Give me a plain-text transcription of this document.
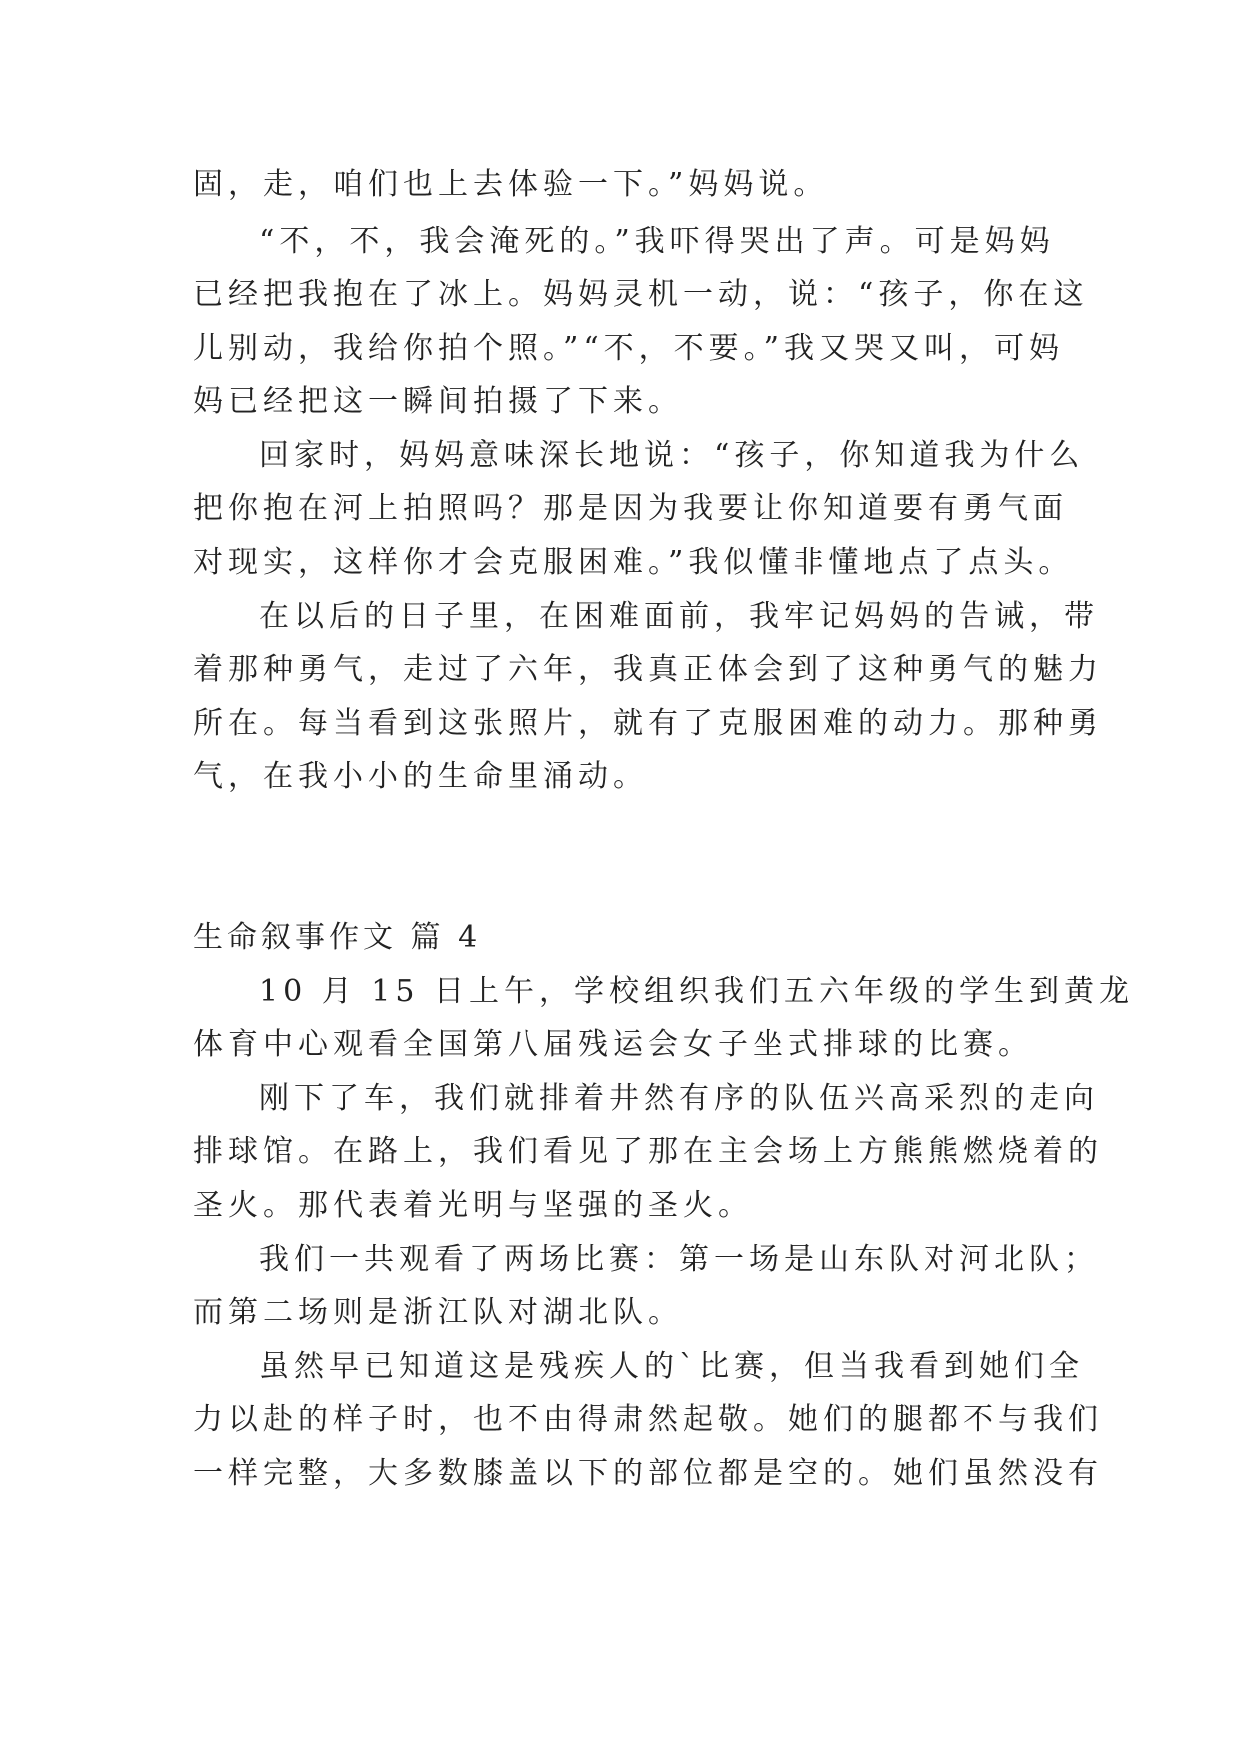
固，走，咱们也上去体验一下。”妈妈说。
“不，不，我会淹死的。”我吓得哭出了声。可是妈妈
已经把我抱在了冰上。妈妈灵机一动，说：“孩子，你在这
儿别动，我给你拍个照。”“不，不要。”我又哭又叫，可妈
妈已经把这一瞬间拍摄了下来。
回家时，妈妈意味深长地说：“孩子，你知道我为什么
把你抱在河上拍照吗？那是因为我要让你知道要有勇气面
对现实，这样你才会克服困难。”我似懂非懂地点了点头。
在以后的日子里，在困难面前，我牢记妈妈的告诫，带
着那种勇气，走过了六年，我真正体会到了这种勇气的魅力
所在。每当看到这张照片，就有了克服困难的动力。那种勇
气，在我小小的生命里涌动。
生命叙事作文 篇 4
10 月 15 日上午，学校组织我们五六年级的学生到黄龙
体育中心观看全国第八届残运会女子坐式排球的比赛。
刚下了车，我们就排着井然有序的队伍兴高采烈的走向
排球馆。在路上，我们看见了那在主会场上方熊熊燃烧着的
圣火。那代表着光明与坚强的圣火。
我们一共观看了两场比赛：第一场是山东队对河北队；
而第二场则是浙江队对湖北队。
虽然早已知道这是残疾人的`比赛，但当我看到她们全
力以赴的样子时，也不由得肃然起敬。她们的腿都不与我们
一样完整，大多数膝盖以下的部位都是空的。她们虽然没有
